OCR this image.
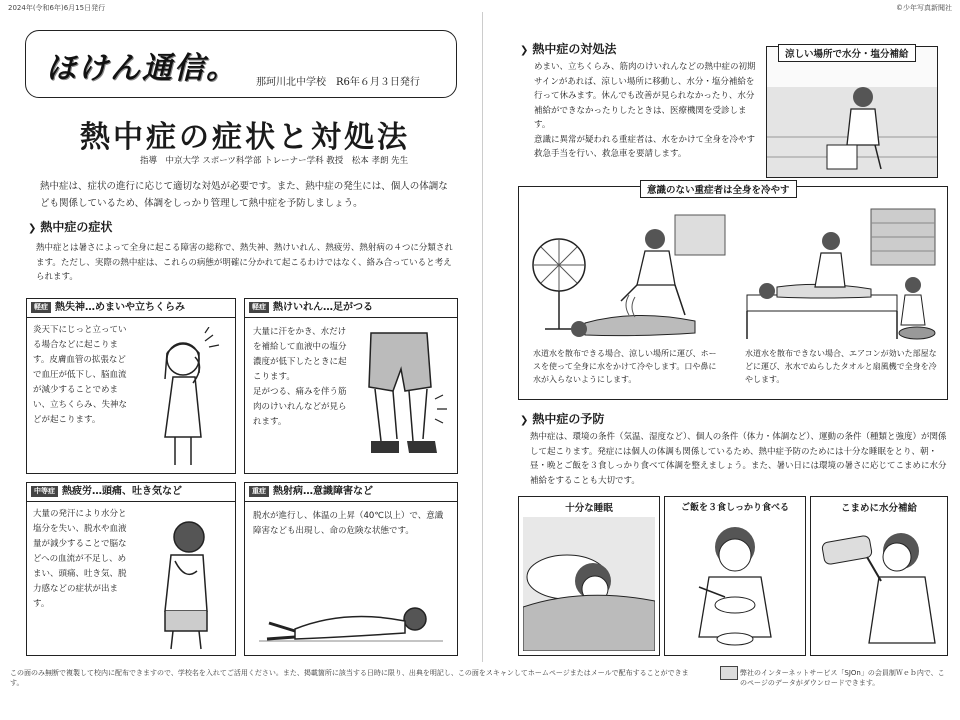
2024年(令和6年)6月15日発行	©少年写真新聞社
ほけん通信。 那珂川北中学校　R6年６月３日発行
熱中症の症状と対処法
指導　中京大学 スポーツ科学部 トレーナー学科 教授　松本 孝朗 先生
熱中症は、症状の進行に応じて適切な対処が必要です。また、熱中症の発生には、個人の体調なども関係しているため、体調をしっかり管理して熱中症を予防しましょう。
❯ 熱中症の症状
熱中症とは暑さによって全身に起こる障害の総称で、熱失神、熱けいれん、熱疲労、熱射病の４つに分類されます。ただし、実際の熱中症は、これらの病態が明確に分かれて起こるわけではなく、絡み合っていると考えられます。
軽症 熱失神…めまいや立ちくらみ
炎天下にじっと立っている場合などに起こります。皮膚血管の拡張などで血圧が低下し、脳血流が減少することでめまい、立ちくらみ、失神などが起こります。
軽症 熱けいれん…足がつる
大量に汗をかき、水だけを補給して血液中の塩分濃度が低下したときに起こります。
足がつる、痛みを伴う筋肉のけいれんなどが見られます。
中等症 熱疲労…頭痛、吐き気など
大量の発汗により水分と塩分を失い、脱水や血液量が減少することで脳などへの血流が不足し、めまい、頭痛、吐き気、脱力感などの症状が出ます。
重症 熱射病…意識障害など
脱水が進行し、体温の上昇（40℃以上）で、意識障害なども出現し、命の危険な状態です。
❯ 熱中症の対処法
めまい、立ちくらみ、筋肉のけいれんなどの熱中症の初期サインがあれば、涼しい場所に移動し、水分・塩分補給を行って休みます。休んでも改善が見られなかったり、水分補給ができなかったりしたときは、医療機関を受診します。
意識に異常が疑われる重症者は、水をかけて全身を冷やす救急手当を行い、救急車を要請します。
涼しい場所で水分・塩分補給
水道水を散布できる場合、涼しい場所に運び、ホースを使って全身に水をかけて冷やします。口や鼻に水が入らないようにします。
水道水を散布できない場合、エアコンが効いた部屋などに運び、氷水でぬらしたタオルと扇風機で全身を冷やします。
意識のない重症者は全身を冷やす
❯ 熱中症の予防
熱中症は、環境の条件（気温、湿度など）、個人の条件（体力・体調など）、運動の条件（種類と強度）が関係して起こります。発症には個人の体調も関係しているため、熱中症予防のためには十分な睡眠をとり、朝・昼・晩とご飯を３食しっかり食べて体調を整えましょう。また、暑い日には環境の暑さに応じてこまめに水分補給をすることも大切です。
十分な睡眠	ご飯を３食しっかり食べる	こまめに水分補給
この面のみ無断で複製して校内に配布できますので、学校名を入れてご活用ください。また、掲載箇所に該当する日時に限り、出典を明記し、この面をスキャンしてホームページまたはメールで配布することができます。
弊社のインターネットサービス「SJOn」の会員制Ｗｅｂ内で、このページのデータがダウンロードできます。
